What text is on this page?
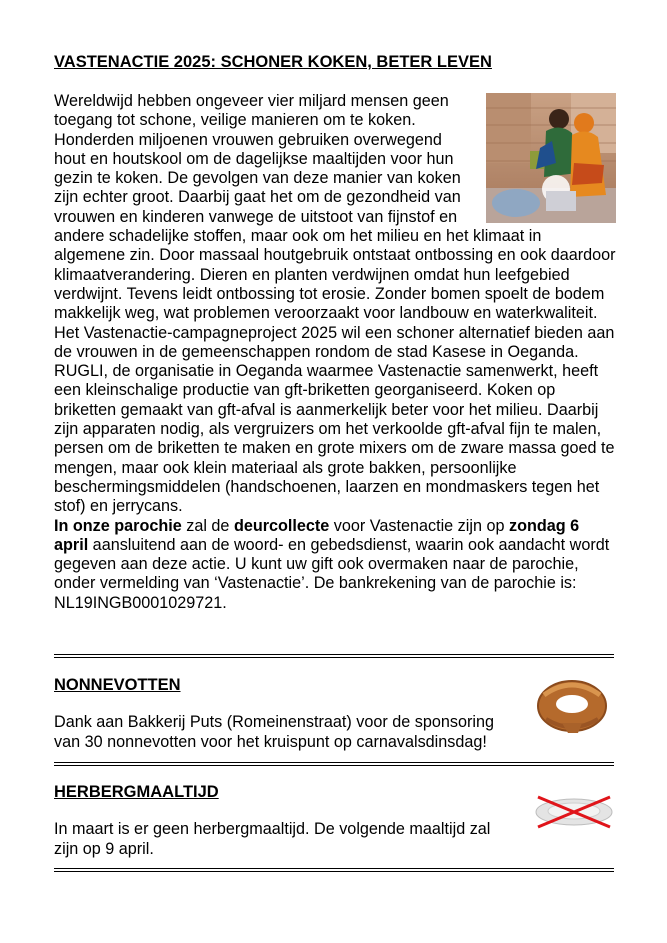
VASTENACTIE 2025: SCHONER KOKEN, BETER LEVEN

Wereldwijd hebben ongeveer vier miljard mensen geen toegang tot schone, veilige manieren om te koken. Honderden miljoenen vrouwen gebruiken overwegend hout en houtskool om de dagelijkse maaltijden voor hun gezin te koken. De gevolgen van deze manier van koken zijn echter groot. Daarbij gaat het om de gezondheid van vrouwen en kinderen vanwege de uitstoot van fijnstof en andere schadelijke stoffen, maar ook om het milieu en het klimaat in algemene zin. Door massaal houtgebruik ontstaat ontbossing en ook daardoor klimaatverandering. Dieren en planten verdwijnen omdat hun leefgebied verdwijnt. Tevens leidt ontbossing tot erosie. Zonder bomen spoelt de bodem makkelijk weg, wat problemen veroorzaakt voor landbouw en waterkwaliteit.

Het Vastenactie-campagneproject 2025 wil een schoner alternatief bieden aan de vrouwen in de gemeenschappen rondom de stad Kasese in Oeganda.

RUGLI, de organisatie in Oeganda waarmee Vastenactie samenwerkt, heeft een kleinschalige productie van gft-briketten georganiseerd. Koken op briketten gemaakt van gft-afval is aanmerkelijk beter voor het milieu. Daarbij zijn apparaten nodig, als vergruizers om het verkoolde gft-afval fijn te malen, persen om de briketten te maken en grote mixers om de zware massa goed te mengen, maar ook klein materiaal als grote bakken, persoonlijke beschermingsmiddelen (handschoenen, laarzen en mondmaskers tegen het stof) en jerrycans.

In onze parochie zal de deurcollecte voor Vastenactie zijn op zondag 6 april aansluitend aan de woord- en gebedsdienst, waarin ook aandacht wordt gegeven aan deze actie. U kunt uw gift ook overmaken naar de parochie, onder vermelding van ‘Vastenactie’. De bankrekening van de parochie is: NL19INGB0001029721.

NONNEVOTTEN
Dank aan Bakkerij Puts (Romeinenstraat) voor de sponsoring van 30 nonnevotten voor het kruispunt op carnavalsdinsdag!
HERBERGMAALTIJD
In maart is er geen herbergmaaltijd. De volgende maaltijd zal zijn op 9 april.
